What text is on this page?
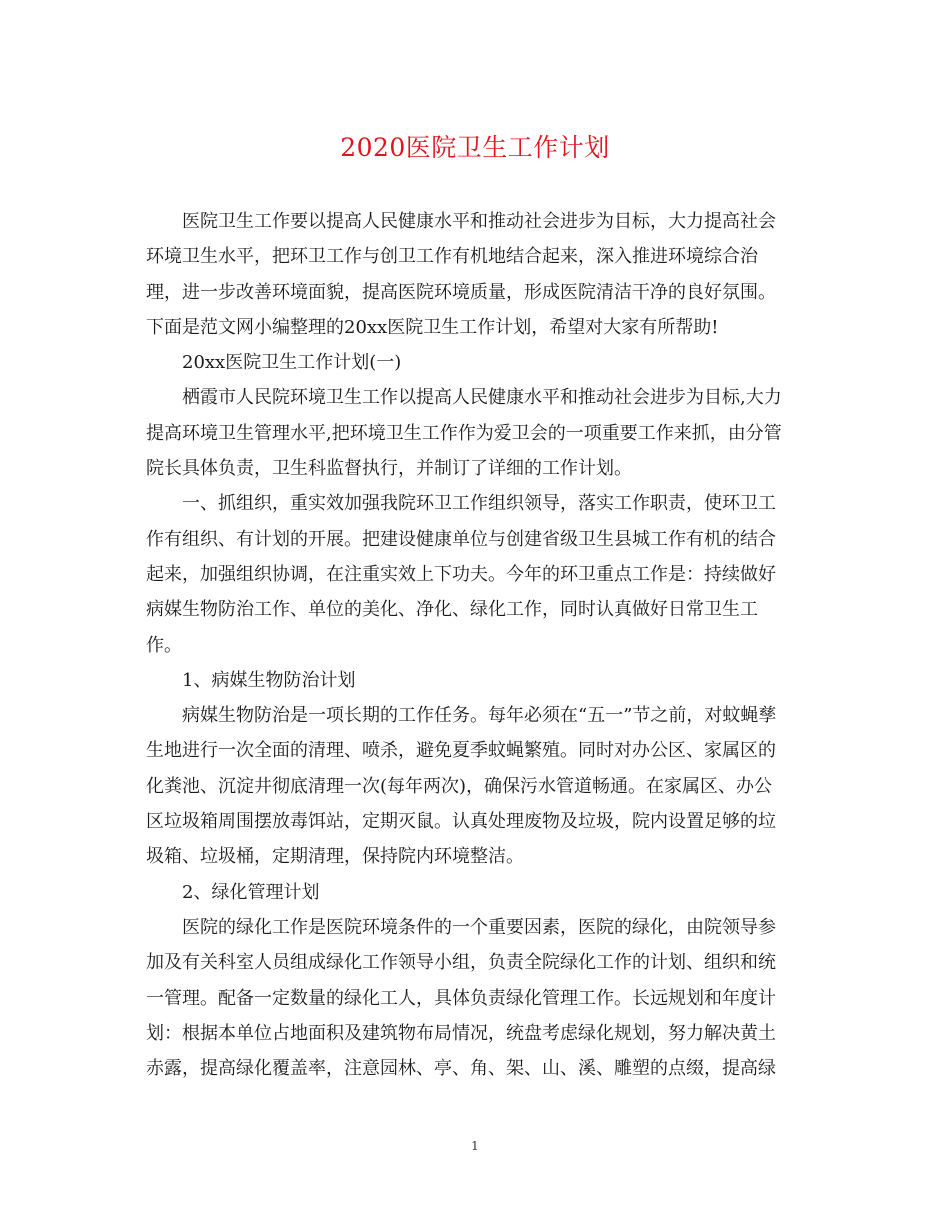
2020医院卫生工作计划
医院卫生工作要以提高人民健康水平和推动社会进步为目标，大力提高社会
环境卫生水平，把环卫工作与创卫工作有机地结合起来，深入推进环境综合治
理，进一步改善环境面貌，提高医院环境质量，形成医院清洁干净的良好氛围。
下面是范文网小编整理的20xx医院卫生工作计划，希望对大家有所帮助!
20xx医院卫生工作计划(一)
栖霞市人民院环境卫生工作以提高人民健康水平和推动社会进步为目标,大力
提高环境卫生管理水平,把环境卫生工作作为爱卫会的一项重要工作来抓，由分管
院长具体负责，卫生科监督执行，并制订了详细的工作计划。
一、抓组织，重实效加强我院环卫工作组织领导，落实工作职责，使环卫工
作有组织、有计划的开展。把建设健康单位与创建省级卫生县城工作有机的结合
起来，加强组织协调，在注重实效上下功夫。今年的环卫重点工作是：持续做好
病媒生物防治工作、单位的美化、净化、绿化工作，同时认真做好日常卫生工
作。
1、病媒生物防治计划
病媒生物防治是一项长期的工作任务。每年必须在“五一”节之前，对蚊蝇孳
生地进行一次全面的清理、喷杀，避免夏季蚊蝇繁殖。同时对办公区、家属区的
化粪池、沉淀井彻底清理一次(每年两次)，确保污水管道畅通。在家属区、办公
区垃圾箱周围摆放毒饵站，定期灭鼠。认真处理废物及垃圾，院内设置足够的垃
圾箱、垃圾桶，定期清理，保持院内环境整洁。
2、绿化管理计划
医院的绿化工作是医院环境条件的一个重要因素，医院的绿化，由院领导参
加及有关科室人员组成绿化工作领导小组，负责全院绿化工作的计划、组织和统
一管理。配备一定数量的绿化工人，具体负责绿化管理工作。长远规划和年度计
划：根据本单位占地面积及建筑物布局情况，统盘考虑绿化规划，努力解决黄土
赤露，提高绿化覆盖率，注意园林、亭、角、架、山、溪、雕塑的点缀，提高绿
1
